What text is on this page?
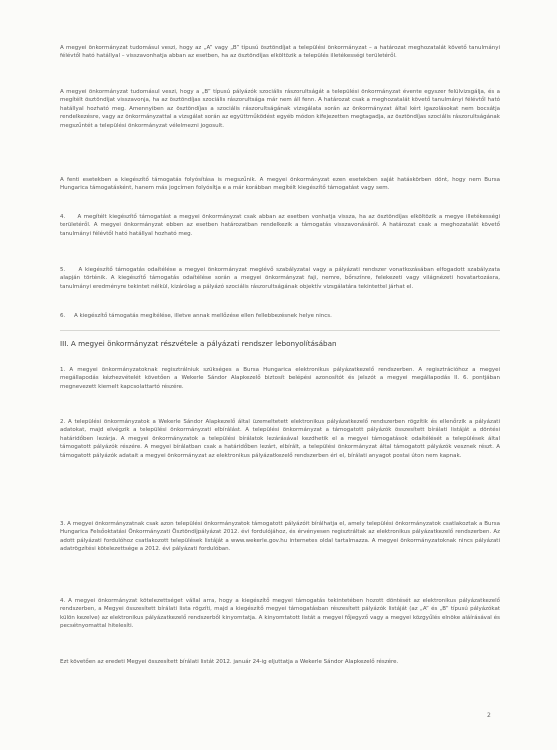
A megyei önkormányzat tudomásul veszi, hogy az „A” vagy „B” típusú ösztöndíjat a települési önkormányzat – a határozat meghozatalát követő tanulmányi félévtől ható hatállyal – visszavonhatja abban az esetben, ha az ösztöndíjas elköltözik a település illetékességi területéről.

A megyei önkormányzat tudomásul veszi, hogy a „B” típusú pályázók szociális rászorultságát a települési önkormányzat évente egyszer felülvizsgálja, és a megítélt ösztöndíjat visszavonja, ha az ösztöndíjas szociális rászorultsága már nem áll fenn. A határozat csak a meghozatalát követő tanulmányi félévtől ható hatállyal hozható meg. Amennyiben az ösztöndíjas a szociális rászorultságának vizsgálata során az önkormányzat által kért igazolásokat nem bocsátja rendelkezésre, vagy az önkormányzattal a vizsgálat során az együttműködést egyéb módon kifejezetten megtagadja, az ösztöndíjas szociális rászorultságának megszűntét a települési önkormányzat vélelmezni jogosult.

A fenti esetekben a kiegészítő támogatás folyósítása is megszűnik. A megyei önkormányzat ezen esetekben saját hatáskörben dönt, hogy nem Bursa Hungarica támogatásként, hanem más jogcímen folyósítja e a már korábban megítélt kiegészítő támogatást vagy sem.

4.     A megítélt kiegészítő támogatást a megyei önkormányzat csak abban az esetben vonhatja vissza, ha az ösztöndíjas elköltözik a megye illetékességi területéről. A megyei önkormányzat ebben az esetben határozatban rendelkezik a támogatás visszavonásáról. A határozat csak a meghozatalát követő tanulmányi félévtől ható hatállyal hozható meg.

5.     A kiegészítő támogatás odaítélése a megyei önkormányzat meglévő szabályzatai vagy a pályázati rendszer vonatkozásában elfogadott szabályzata alapján történik. A kiegészítő támogatás odaítélése során a megyei önkormányzat faji, nemre, bőrszínre, felekezeti vagy világnézeti hovatartozásra, tanulmányi eredményre tekintet nélkül, kizárólag a pályázó szociális rászorultságának objektív vizsgálatára tekintettel járhat el.

6.     A kiegészítő támogatás megítélése, illetve annak mellőzése ellen fellebbezésnek helye nincs.

III. A megyei önkormányzat részvétele a pályázati rendszer lebonyolításában

1. A megyei önkormányzatoknak regisztrálniuk szükséges a Bursa Hungarica elektronikus pályázatkezelő rendszerben. A regisztrációhoz a megyei megállapodás kézhezvételét követően a Wekerle Sándor Alapkezelő biztosít belépési azonosítót és jelszót a megyei megállapodás II. 6. pontjában megnevezett kiemelt kapcsolattartó részére.

2. A települési önkormányzatok a Wekerle Sándor Alapkezelő által üzemeltetett elektronikus pályázatkezelő rendszerben rögzítik és ellenőrzik a pályázati adatokat, majd elvégzik a települési önkormányzati elbírálást. A települési önkormányzat a támogatott pályázók összesített bírálati listáját a döntési határidőben lezárja. A megyei önkormányzatok a települési bírálatok lezárásával kezdhetik el a megyei támogatások odaítélését a települések által támogatott pályázók részére. A megyei bírálatban csak a határidőben lezárt, elbírált, a települési önkormányzat által támogatott pályázók vesznek részt. A támogatott pályázók adatait a megyei önkormányzat az elektronikus pályázatkezelő rendszerben éri el, bírálati anyagot postai úton nem kapnak.

3. A megyei önkormányzatnak csak azon települési önkormányzatok támogatott pályázóit bírálhatja el, amely települési önkormányzatok csatlakoztak a Bursa Hungarica Felsőoktatási Önkormányzati Ösztöndíjpályázat 2012. évi fordulójához, és érvényesen regisztráltak az elektronikus pályázatkezelő rendszerben. Az adott pályázati fordulóhoz csatlakozott települések listáját a www.wekerle.gov.hu internetes oldal tartalmazza. A megyei önkormányzatoknak nincs pályázati adatrögzítési kötelezettsége a 2012. évi pályázati fordulóban.

4. A megyei önkormányzat kötelezettséget vállal arra, hogy a kiegészítő megyei támogatás tekintetében hozott döntését az elektronikus pályázatkezelő rendszerben, a Megyei összesített bírálati lista rögzíti, majd a kiegészítő megyei támogatásban részesített pályázók listáját (az „A” és „B” típusú pályázókat külön kezelve) az elektronikus pályázatkezelő rendszerből kinyomtatja. A kinyomtatott listát a megyei főjegyző vagy a megyei közgyűlés elnöke aláírásával és pecsétnyomattal hitelesíti.

Ezt követően az eredeti Megyei összesített bírálati listát 2012. január 24-ig eljuttatja a Wekerle Sándor Alapkezelő részére.

2
